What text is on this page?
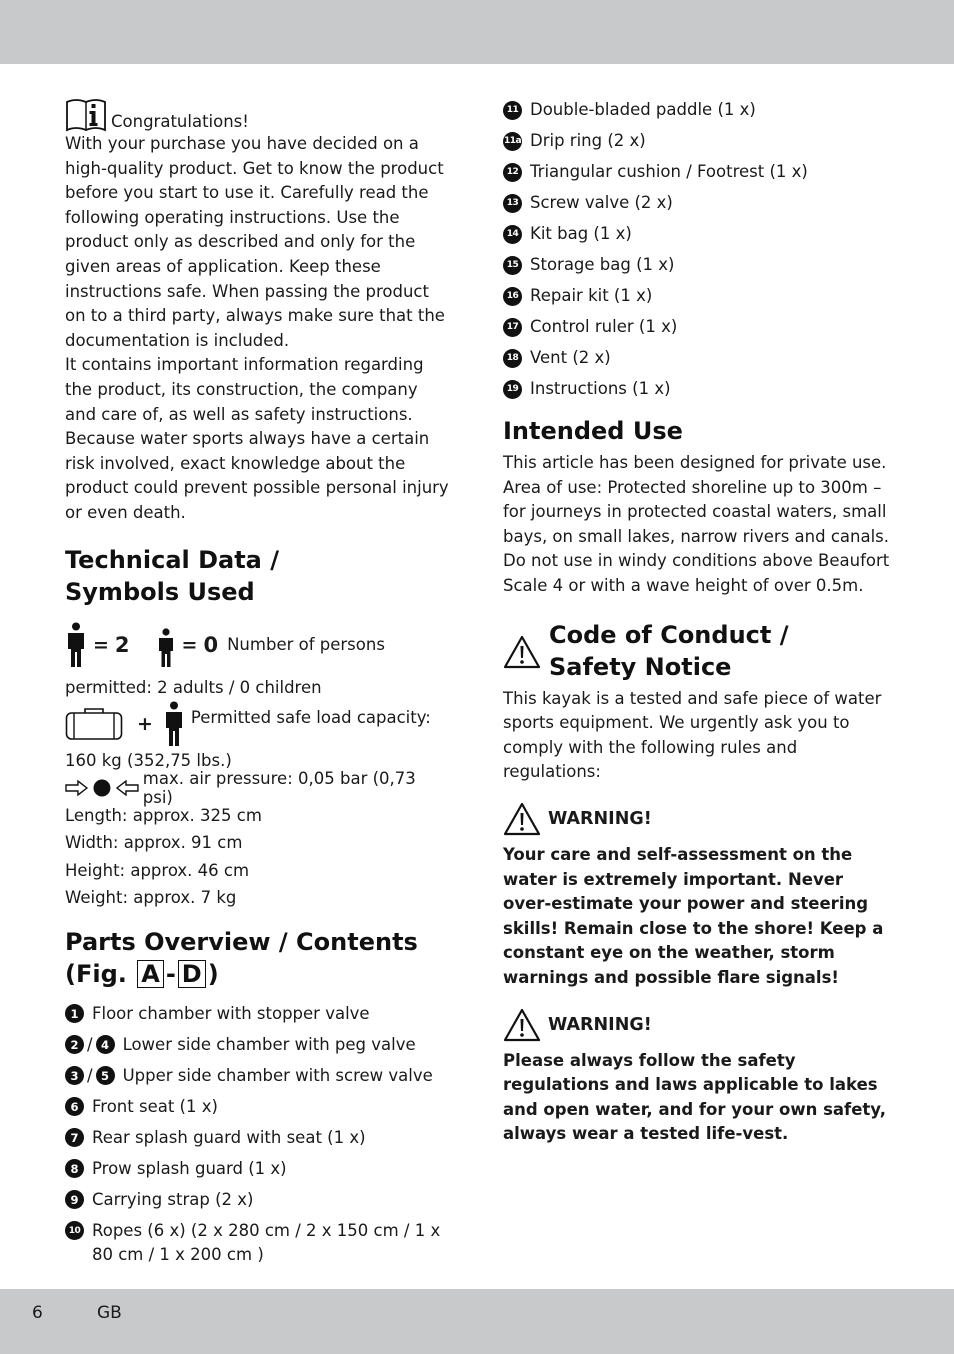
Congratulations!

With your purchase you have decided on a high-quality product. Get to know the product before you start to use it. Carefully read the following operating instructions. Use the product only as described and only for the given areas of application. Keep these instructions safe. When passing the product on to a third party, always make sure that the documentation is included.

It contains important information regarding the product, its construction, the company and care of, as well as safety instructions. Because water sports always have a certain risk involved, exact knowledge about the product could prevent possible personal injury or even death.

Technical Data /
Symbols Used
= 2	= 0 Number of persons
permitted: 2 adults / 0 children
+ Permitted safe load capacity:
160 kg (352,75 lbs.)
max. air pressure: 0,05 bar (0,73 psi)
Length: approx. 325 cm
Width: approx. 91 cm
Height: approx. 46 cm
Weight: approx. 7 kg
Parts Overview / Contents
(Fig. A - D )
1 Floor chamber with stopper valve
2 / 4 Lower side chamber with peg valve
3 / 5 Upper side chamber with screw valve
6 Front seat (1 x)
7 Rear splash guard with seat (1 x)
8 Prow splash guard (1 x)
9 Carrying strap (2 x)
10 Ropes (6 x) (2 x 280 cm / 2 x 150 cm / 1 x 80 cm / 1 x 200 cm )
11 Double-bladed paddle (1 x)
11a Drip ring (2 x)
12 Triangular cushion / Footrest (1 x)
13 Screw valve (2 x)
14 Kit bag (1 x)
15 Storage bag (1 x)
16 Repair kit (1 x)
17 Control ruler (1 x)
18 Vent (2 x)
19 Instructions (1 x)
Intended Use

This article has been designed for private use. Area of use: Protected shoreline up to 300m – for journeys in protected coastal waters, small bays, on small lakes, narrow rivers and canals. Do not use in windy conditions above Beaufort Scale 4 or with a wave height of over 0.5m.

Code of Conduct /
Safety Notice

This kayak is a tested and safe piece of water sports equipment. We urgently ask you to comply with the following rules and regulations:

WARNING!

Your care and self-assessment on the water is extremely important. Never over-estimate your power and steering skills! Remain close to the shore! Keep a constant eye on the weather, storm warnings and possible flare signals!

WARNING!

Please always follow the safety regulations and laws applicable to lakes and open water, and for your own safety, always wear a tested life-vest.

6	GB
